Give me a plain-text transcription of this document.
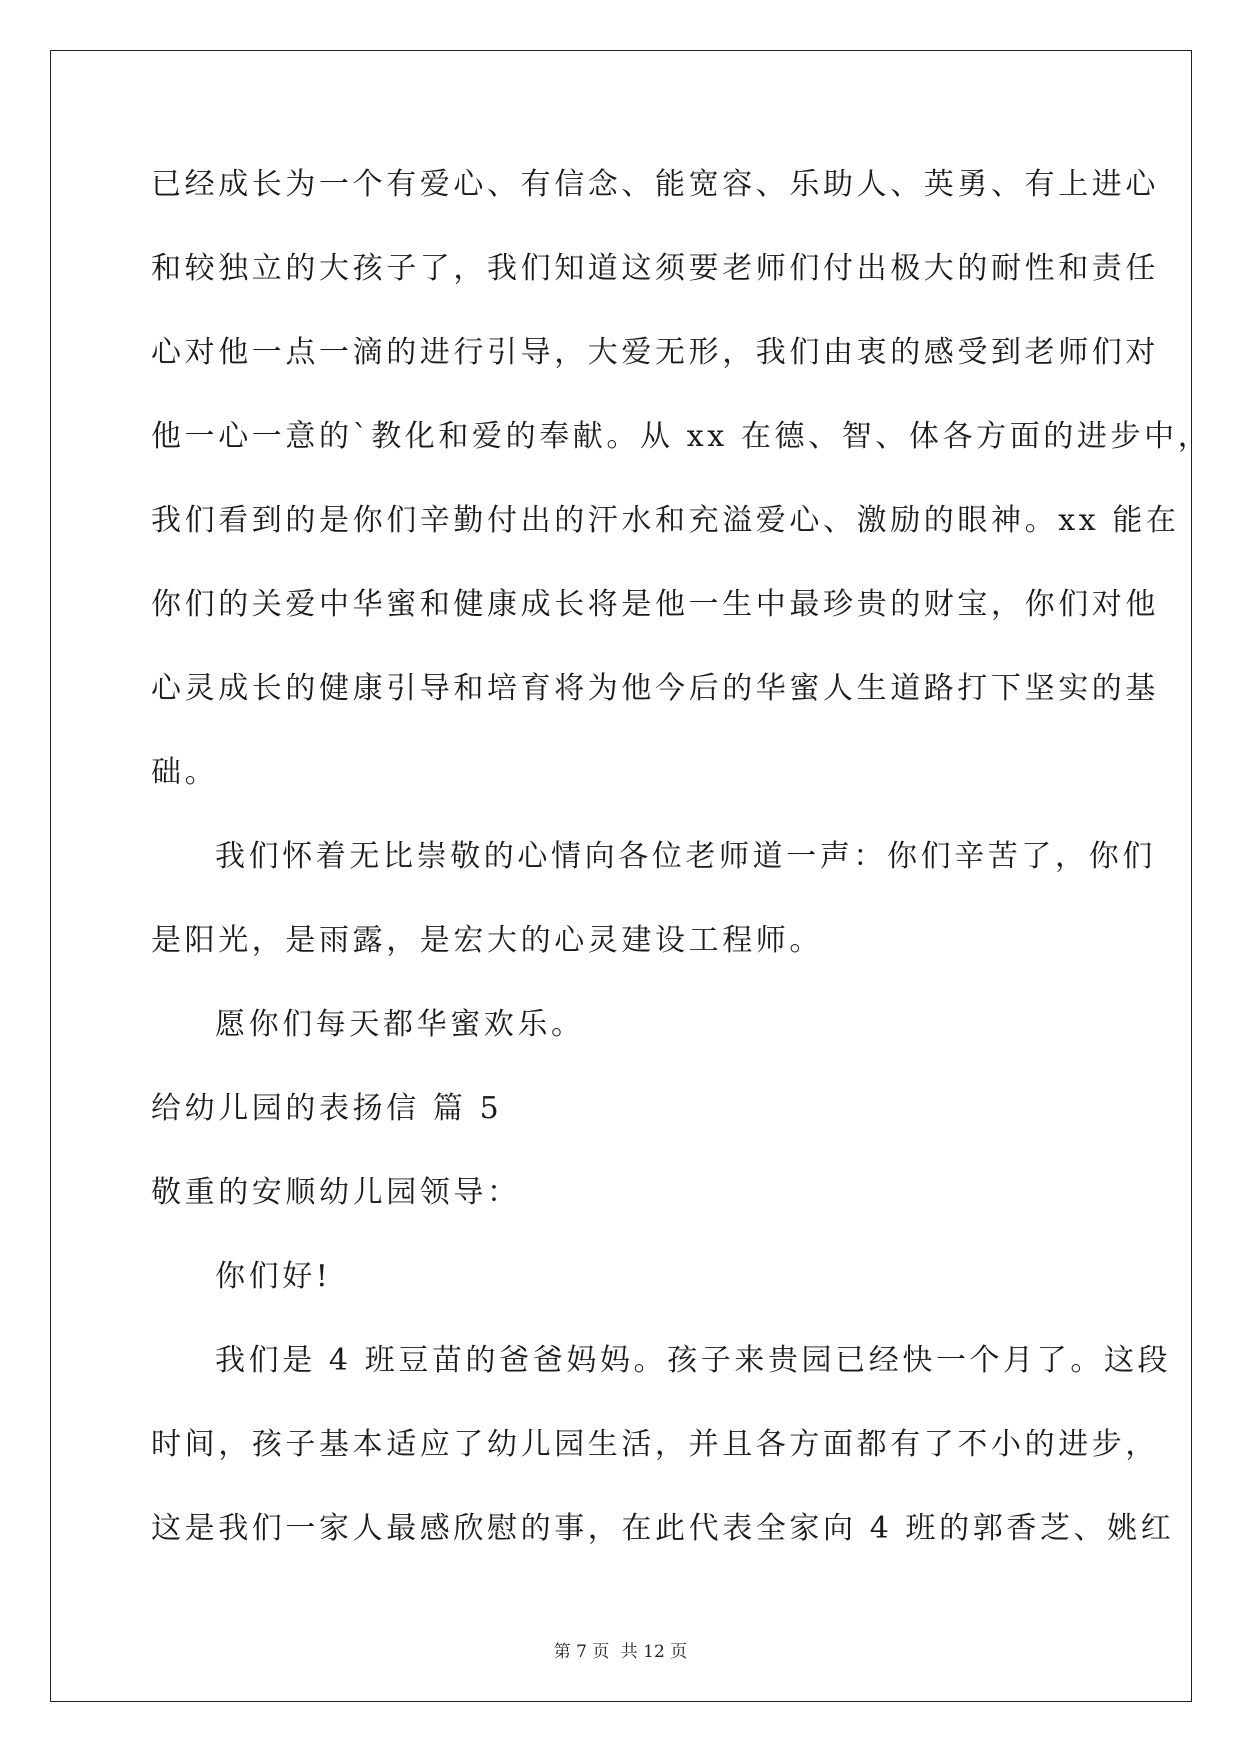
已经成长为一个有爱心、有信念、能宽容、乐助人、英勇、有上进心
和较独立的大孩子了，我们知道这须要老师们付出极大的耐性和责任
心对他一点一滴的进行引导，大爱无形，我们由衷的感受到老师们对
他一心一意的`教化和爱的奉献。从 xx 在德、智、体各方面的进步中，
我们看到的是你们辛勤付出的汗水和充溢爱心、激励的眼神。xx 能在
你们的关爱中华蜜和健康成长将是他一生中最珍贵的财宝，你们对他
心灵成长的健康引导和培育将为他今后的华蜜人生道路打下坚实的基
础。
我们怀着无比崇敬的心情向各位老师道一声：你们辛苦了，你们
是阳光，是雨露，是宏大的心灵建设工程师。
愿你们每天都华蜜欢乐。
给幼儿园的表扬信 篇 5
敬重的安顺幼儿园领导：
你们好!
我们是 4 班豆苗的爸爸妈妈。孩子来贵园已经快一个月了。这段
时间，孩子基本适应了幼儿园生活，并且各方面都有了不小的进步，
这是我们一家人最感欣慰的事，在此代表全家向 4 班的郭香芝、姚红
第 7 页 共 12 页
